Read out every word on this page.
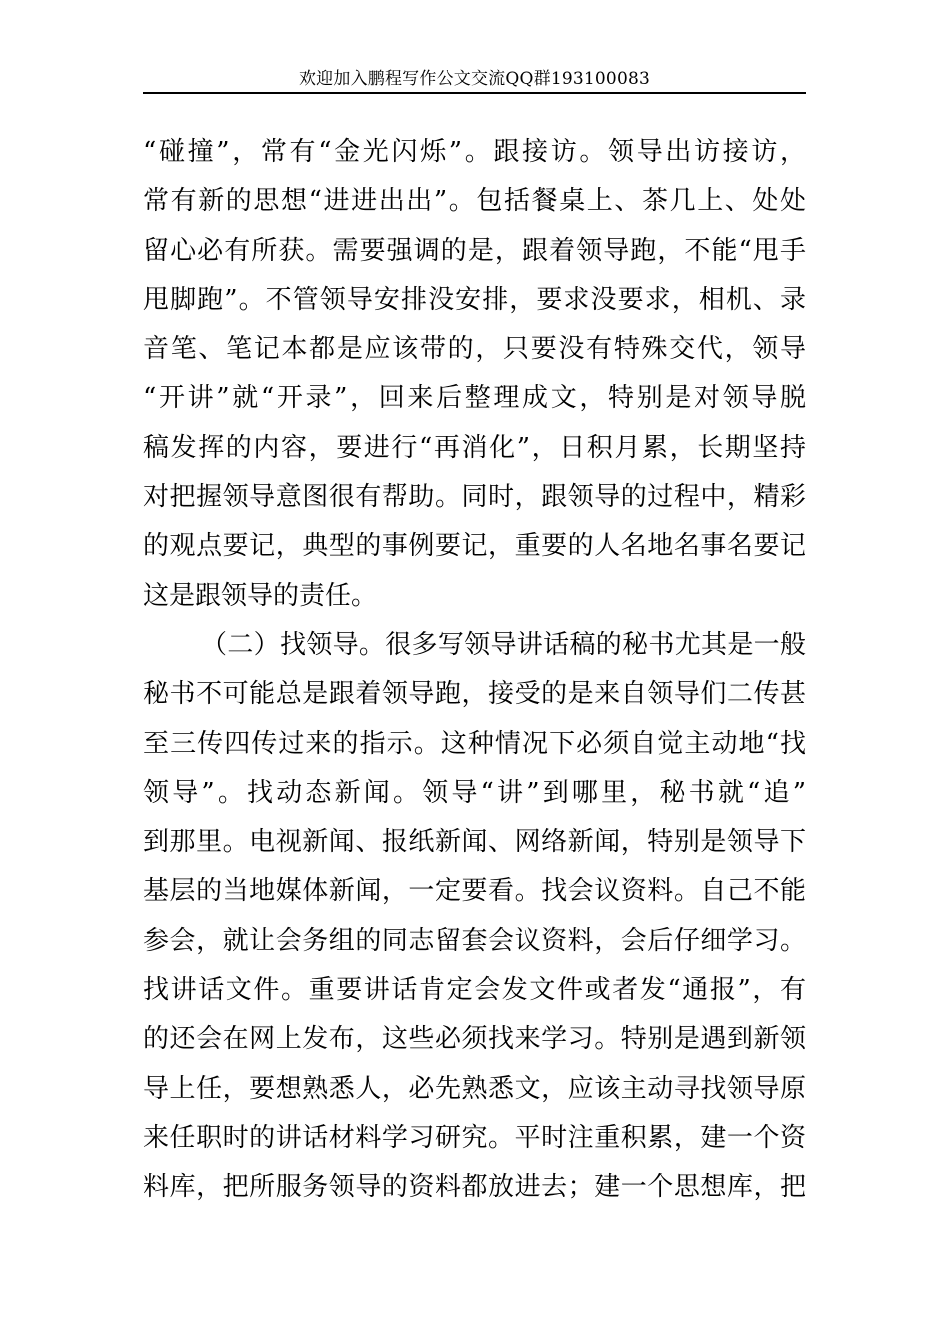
欢迎加入鹏程写作公文交流QQ群193100083
“碰撞”，常有“金光闪烁”。跟接访。领导出访接访，
常有新的思想“进进出出”。包括餐桌上、茶几上、处处
留心必有所获。需要强调的是，跟着领导跑，不能“甩手
甩脚跑”。不管领导安排没安排，要求没要求，相机、录
音笔、笔记本都是应该带的，只要没有特殊交代，领导
“开讲”就“开录”，回来后整理成文，特别是对领导脱
稿发挥的内容，要进行“再消化”，日积月累，长期坚持
对把握领导意图很有帮助。同时，跟领导的过程中，精彩
的观点要记，典型的事例要记，重要的人名地名事名要记
这是跟领导的责任。
（二）找领导。很多写领导讲话稿的秘书尤其是一般
秘书不可能总是跟着领导跑，接受的是来自领导们二传甚
至三传四传过来的指示。这种情况下必须自觉主动地“找
领导”。找动态新闻。领导“讲”到哪里，秘书就“追”
到那里。电视新闻、报纸新闻、网络新闻，特别是领导下
基层的当地媒体新闻，一定要看。找会议资料。自己不能
参会，就让会务组的同志留套会议资料，会后仔细学习。
找讲话文件。重要讲话肯定会发文件或者发“通报”，有
的还会在网上发布，这些必须找来学习。特别是遇到新领
导上任，要想熟悉人，必先熟悉文，应该主动寻找领导原
来任职时的讲话材料学习研究。平时注重积累，建一个资
料库，把所服务领导的资料都放进去；建一个思想库，把
